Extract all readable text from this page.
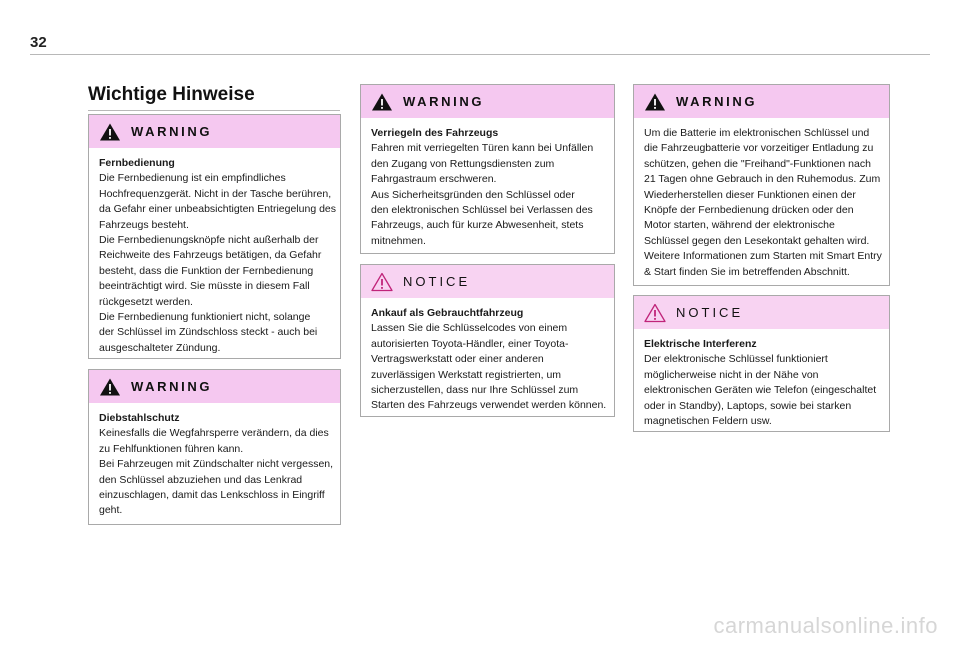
32
Wichtige Hinweise
WARNING
Fernbedienung
Die Fernbedienung ist ein empfindliches
Hochfrequenzgerät. Nicht in der Tasche berühren,
da Gefahr einer unbeabsichtigten Entriegelung des
Fahrzeugs besteht.
Die Fernbedienungsknöpfe nicht außerhalb der
Reichweite des Fahrzeugs betätigen, da Gefahr
besteht, dass die Funktion der Fernbedienung
beeinträchtigt wird. Sie müsste in diesem Fall
rückgesetzt werden.
Die Fernbedienung funktioniert nicht, solange
der Schlüssel im Zündschloss steckt - auch bei
ausgeschalteter Zündung.
WARNING
Diebstahlschutz
Keinesfalls die Wegfahrsperre verändern, da dies
zu Fehlfunktionen führen kann.
Bei Fahrzeugen mit Zündschalter nicht vergessen,
den Schlüssel abzuziehen und das Lenkrad
einzuschlagen, damit das Lenkschloss in Eingriff
geht.
WARNING
Verriegeln des Fahrzeugs
Fahren mit verriegelten Türen kann bei Unfällen
den Zugang von Rettungsdiensten zum
Fahrgastraum erschweren.
Aus Sicherheitsgründen den Schlüssel oder
den elektronischen Schlüssel bei Verlassen des
Fahrzeugs, auch für kurze Abwesenheit, stets
mitnehmen.
NOTICE
Ankauf als Gebrauchtfahrzeug
Lassen Sie die Schlüsselcodes von einem
autorisierten Toyota-Händler, einer Toyota-
Vertragswerkstatt oder einer anderen
zuverlässigen Werkstatt registrierten, um
sicherzustellen, dass nur Ihre Schlüssel zum
Starten des Fahrzeugs verwendet werden können.
WARNING
Um die Batterie im elektronischen Schlüssel und
die Fahrzeugbatterie vor vorzeitiger Entladung zu
schützen, gehen die "Freihand"-Funktionen nach
21 Tagen ohne Gebrauch in den Ruhemodus. Zum
Wiederherstellen dieser Funktionen einen der
Knöpfe der Fernbedienung drücken oder den
Motor starten, während der elektronische
Schlüssel gegen den Lesekontakt gehalten wird.
Weitere Informationen zum Starten mit Smart Entry
& Start finden Sie im betreffenden Abschnitt.
NOTICE
Elektrische Interferenz
Der elektronische Schlüssel funktioniert
möglicherweise nicht in der Nähe von
elektronischen Geräten wie Telefon (eingeschaltet
oder in Standby), Laptops, sowie bei starken
magnetischen Feldern usw.
carmanualsonline.info
